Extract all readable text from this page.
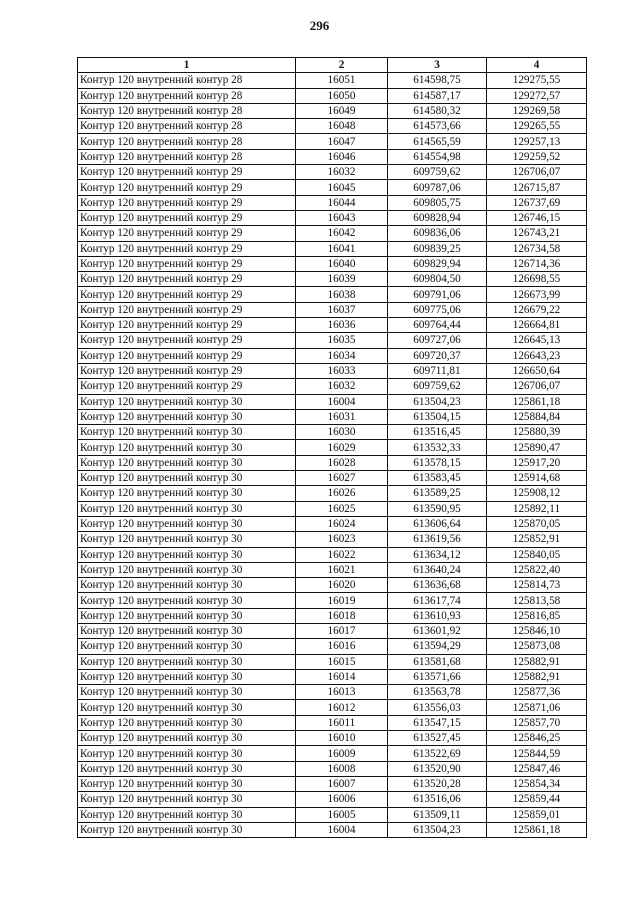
296
1	2	3	4
Контур 120 внутренний контур 28	16051	614598,75	129275,55
Контур 120 внутренний контур 28	16050	614587,17	129272,57
Контур 120 внутренний контур 28	16049	614580,32	129269,58
Контур 120 внутренний контур 28	16048	614573,66	129265,55
Контур 120 внутренний контур 28	16047	614565,59	129257,13
Контур 120 внутренний контур 28	16046	614554,98	129259,52
Контур 120 внутренний контур 29	16032	609759,62	126706,07
Контур 120 внутренний контур 29	16045	609787,06	126715,87
Контур 120 внутренний контур 29	16044	609805,75	126737,69
Контур 120 внутренний контур 29	16043	609828,94	126746,15
Контур 120 внутренний контур 29	16042	609836,06	126743,21
Контур 120 внутренний контур 29	16041	609839,25	126734,58
Контур 120 внутренний контур 29	16040	609829,94	126714,36
Контур 120 внутренний контур 29	16039	609804,50	126698,55
Контур 120 внутренний контур 29	16038	609791,06	126673,99
Контур 120 внутренний контур 29	16037	609775,06	126679,22
Контур 120 внутренний контур 29	16036	609764,44	126664,81
Контур 120 внутренний контур 29	16035	609727,06	126645,13
Контур 120 внутренний контур 29	16034	609720,37	126643,23
Контур 120 внутренний контур 29	16033	609711,81	126650,64
Контур 120 внутренний контур 29	16032	609759,62	126706,07
Контур 120 внутренний контур 30	16004	613504,23	125861,18
Контур 120 внутренний контур 30	16031	613504,15	125884,84
Контур 120 внутренний контур 30	16030	613516,45	125880,39
Контур 120 внутренний контур 30	16029	613532,33	125890,47
Контур 120 внутренний контур 30	16028	613578,15	125917,20
Контур 120 внутренний контур 30	16027	613583,45	125914,68
Контур 120 внутренний контур 30	16026	613589,25	125908,12
Контур 120 внутренний контур 30	16025	613590,95	125892,11
Контур 120 внутренний контур 30	16024	613606,64	125870,05
Контур 120 внутренний контур 30	16023	613619,56	125852,91
Контур 120 внутренний контур 30	16022	613634,12	125840,05
Контур 120 внутренний контур 30	16021	613640,24	125822,40
Контур 120 внутренний контур 30	16020	613636,68	125814,73
Контур 120 внутренний контур 30	16019	613617,74	125813,58
Контур 120 внутренний контур 30	16018	613610,93	125816,85
Контур 120 внутренний контур 30	16017	613601,92	125846,10
Контур 120 внутренний контур 30	16016	613594,29	125873,08
Контур 120 внутренний контур 30	16015	613581,68	125882,91
Контур 120 внутренний контур 30	16014	613571,66	125882,91
Контур 120 внутренний контур 30	16013	613563,78	125877,36
Контур 120 внутренний контур 30	16012	613556,03	125871,06
Контур 120 внутренний контур 30	16011	613547,15	125857,70
Контур 120 внутренний контур 30	16010	613527,45	125846,25
Контур 120 внутренний контур 30	16009	613522,69	125844,59
Контур 120 внутренний контур 30	16008	613520,90	125847,46
Контур 120 внутренний контур 30	16007	613520,28	125854,34
Контур 120 внутренний контур 30	16006	613516,06	125859,44
Контур 120 внутренний контур 30	16005	613509,11	125859,01
Контур 120 внутренний контур 30	16004	613504,23	125861,18
